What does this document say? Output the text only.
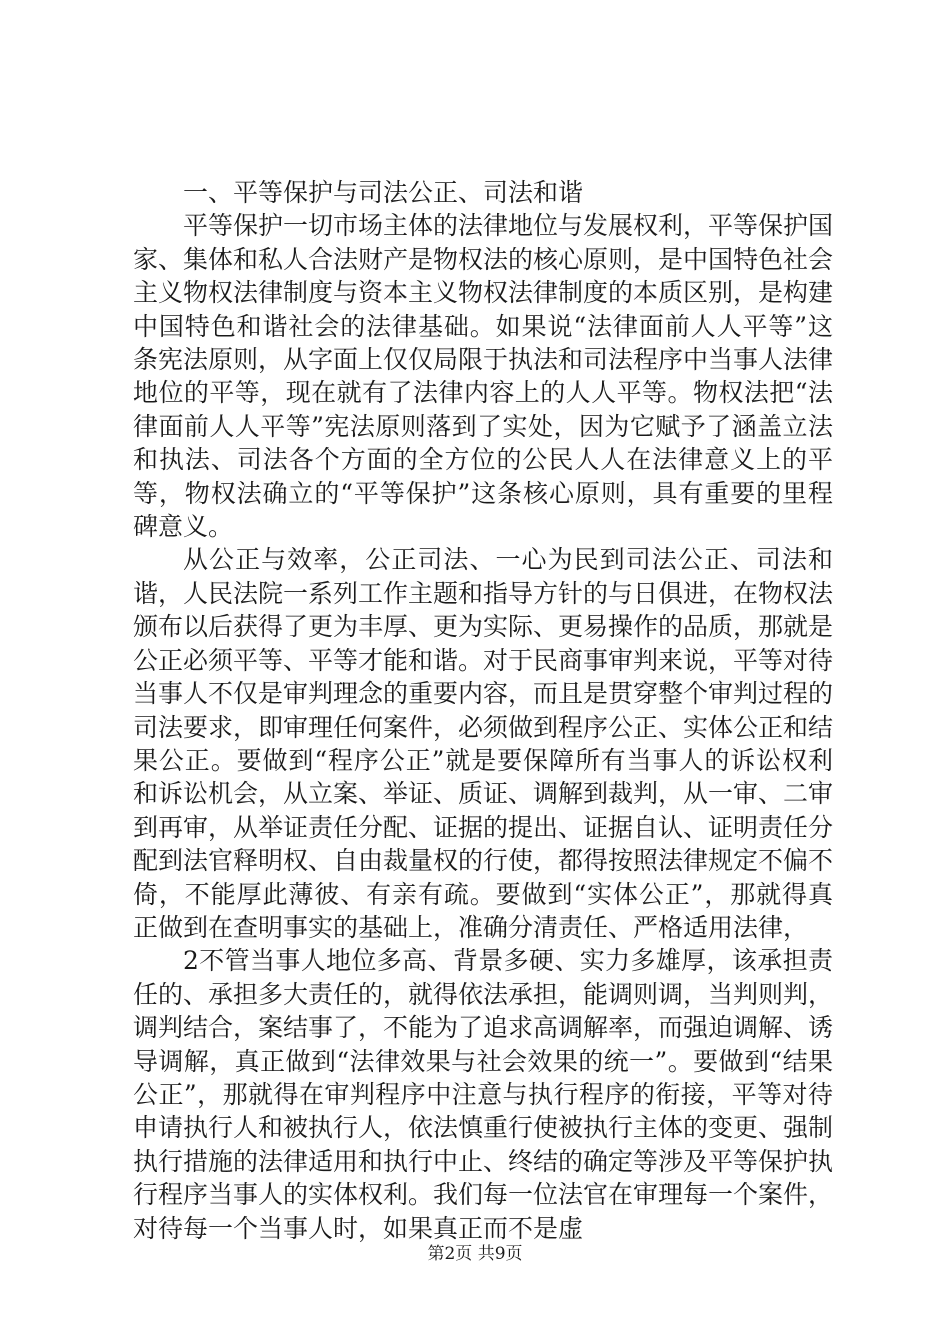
一、平等保护与司法公正、司法和谐

平等保护一切市场主体的法律地位与发展权利，平等保护国家、集体和私人合法财产是物权法的核心原则，是中国特色社会主义物权法律制度与资本主义物权法律制度的本质区别，是构建中国特色和谐社会的法律基础。如果说“法律面前人人平等”这条宪法原则，从字面上仅仅局限于执法和司法程序中当事人法律地位的平等，现在就有了法律内容上的人人平等。物权法把“法律面前人人平等”宪法原则落到了实处，因为它赋予了涵盖立法和执法、司法各个方面的全方位的公民人人在法律意义上的平等，物权法确立的“平等保护”这条核心原则，具有重要的里程碑意义。

从公正与效率，公正司法、一心为民到司法公正、司法和谐，人民法院一系列工作主题和指导方针的与日俱进，在物权法颁布以后获得了更为丰厚、更为实际、更易操作的品质，那就是公正必须平等、平等才能和谐。对于民商事审判来说，平等对待当事人不仅是审判理念的重要内容，而且是贯穿整个审判过程的司法要求，即审理任何案件，必须做到程序公正、实体公正和结果公正。要做到“程序公正”就是要保障所有当事人的诉讼权利和诉讼机会，从立案、举证、质证、调解到裁判，从一审、二审到再审，从举证责任分配、证据的提出、证据自认、证明责任分配到法官释明权、自由裁量权的行使，都得按照法律规定不偏不倚，不能厚此薄彼、有亲有疏。要做到“实体公正”，那就得真正做到在查明事实的基础上，准确分清责任、严格适用法律，

2不管当事人地位多高、背景多硬、实力多雄厚，该承担责任的、承担多大责任的，就得依法承担，能调则调，当判则判，调判结合，案结事了，不能为了追求高调解率，而强迫调解、诱导调解，真正做到“法律效果与社会效果的统一”。要做到“结果公正”，那就得在审判程序中注意与执行程序的衔接，平等对待申请执行人和被执行人，依法慎重行使被执行主体的变更、强制执行措施的法律适用和执行中止、终结的确定等涉及平等保护执行程序当事人的实体权利。我们每一位法官在审理每一个案件，对待每一个当事人时，如果真正而不是虚

第2页 共9页
